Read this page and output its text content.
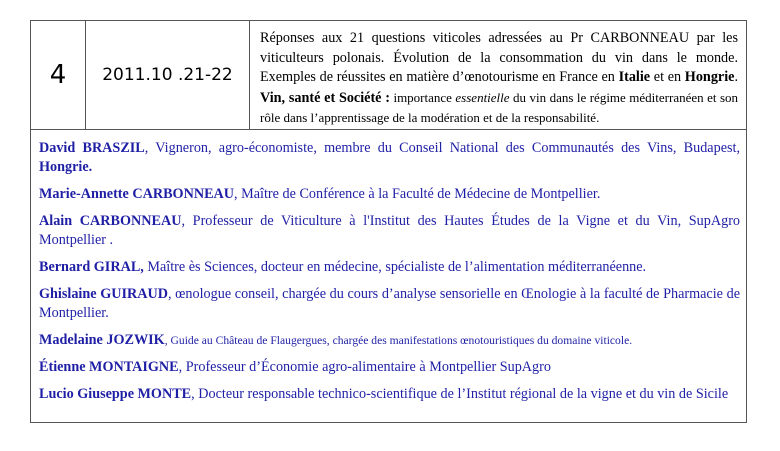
4	2011.10 .21-22
Réponses aux 21 questions viticoles adressées au Pr CARBONNEAU par les viticulteurs polonais. Évolution de la consommation du vin dans le monde. Exemples de réussites en matière d’œnotourisme en France en Italie et en Hongrie. Vin, santé et Société : importance essentielle du vin dans le régime méditerranéen et son rôle dans l’apprentissage de la modération et de la responsabilité.

David BRASZIL, Vigneron, agro-économiste, membre du Conseil National des Communautés des Vins, Budapest, Hongrie.

Marie-Annette CARBONNEAU, Maître de Conférence à la Faculté de Médecine de Montpellier.

Alain CARBONNEAU, Professeur de Viticulture à l'Institut des Hautes Études de la Vigne et du Vin, SupAgro Montpellier .

Bernard GIRAL, Maître ès Sciences, docteur en médecine, spécialiste de l’alimentation méditerranéenne.

Ghislaine GUIRAUD, œnologue conseil, chargée du cours d’analyse sensorielle en Œnologie à la faculté de Pharmacie de Montpellier.

Madelaine JOZWIK, Guide au Château de Flaugergues, chargée des manifestations œnotouristiques du domaine viticole.

Étienne MONTAIGNE, Professeur d’Économie agro-alimentaire à Montpellier SupAgro

Lucio Giuseppe MONTE, Docteur responsable technico-scientifique de l’Institut régional de la vigne et du vin de Sicile
